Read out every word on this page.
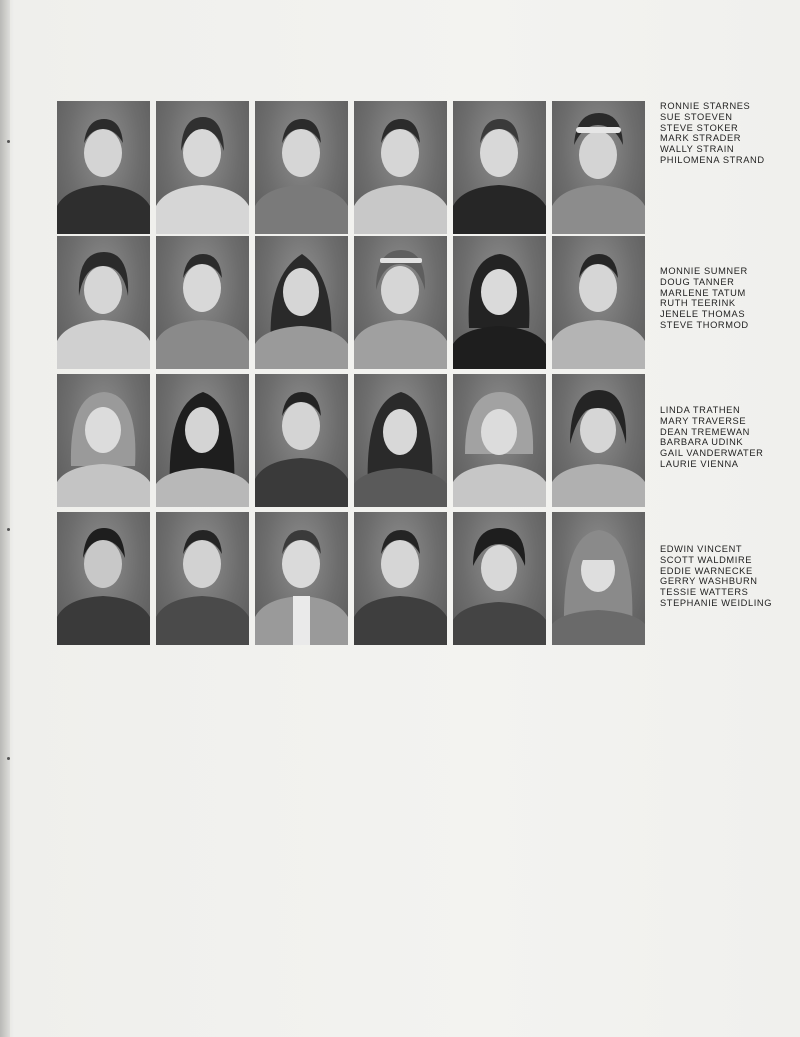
RONNIE STARNES
SUE STOEVEN
STEVE STOKER
MARK STRADER
WALLY STRAIN
PHILOMENA STRAND
MONNIE SUMNER
DOUG TANNER
MARLENE TATUM
RUTH TEERINK
JENELE THOMAS
STEVE THORMOD
LINDA TRATHEN
MARY TRAVERSE
DEAN TREMEWAN
BARBARA UDINK
GAIL VANDERWATER
LAURIE VIENNA
EDWIN VINCENT
SCOTT WALDMIRE
EDDIE WARNECKE
GERRY WASHBURN
TESSIE WATTERS
STEPHANIE WEIDLING
